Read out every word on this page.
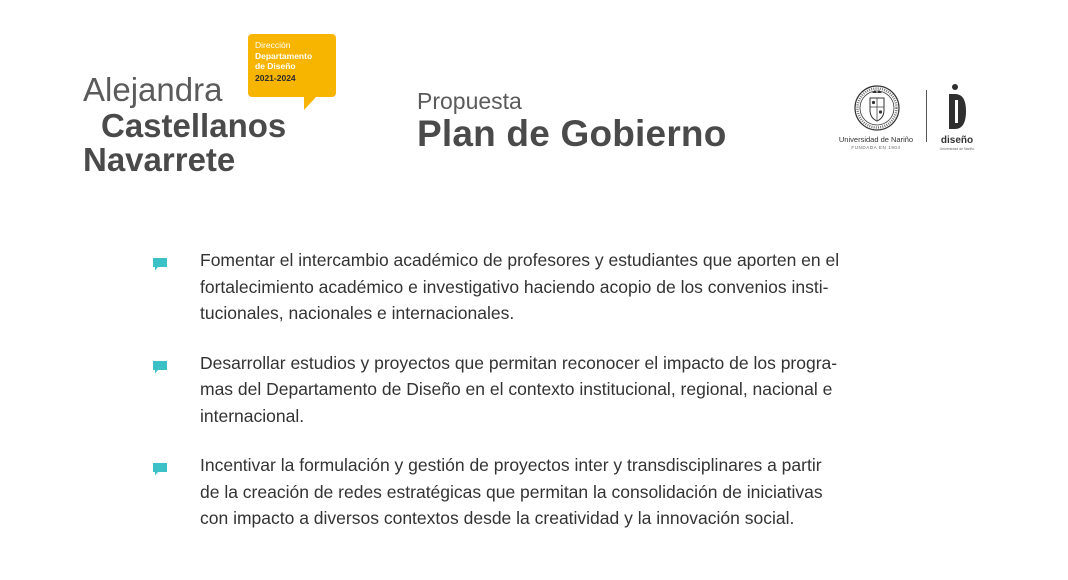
Alejandra
Castellanos
Navarrete
Dirección
Departamento
de Diseño
2021-2024
Propuesta
Plan de Gobierno	Universidad de Nariño
FUNDADA EN 1904
diseño
Universidad de Nariño
Fomentar el intercambio académico de profesores y estudiantes que aporten en el
fortalecimiento académico e investigativo haciendo acopio de los convenios insti-
tucionales, nacionales e internacionales.
Desarrollar estudios y proyectos que permitan reconocer el impacto de los progra-
mas del Departamento de Diseño en el contexto institucional, regional, nacional e
internacional.
Incentivar la formulación y gestión de proyectos inter y transdisciplinares a partir
de la creación de redes estratégicas que permitan la consolidación de iniciativas
con impacto a diversos contextos desde la creatividad y la innovación social.
